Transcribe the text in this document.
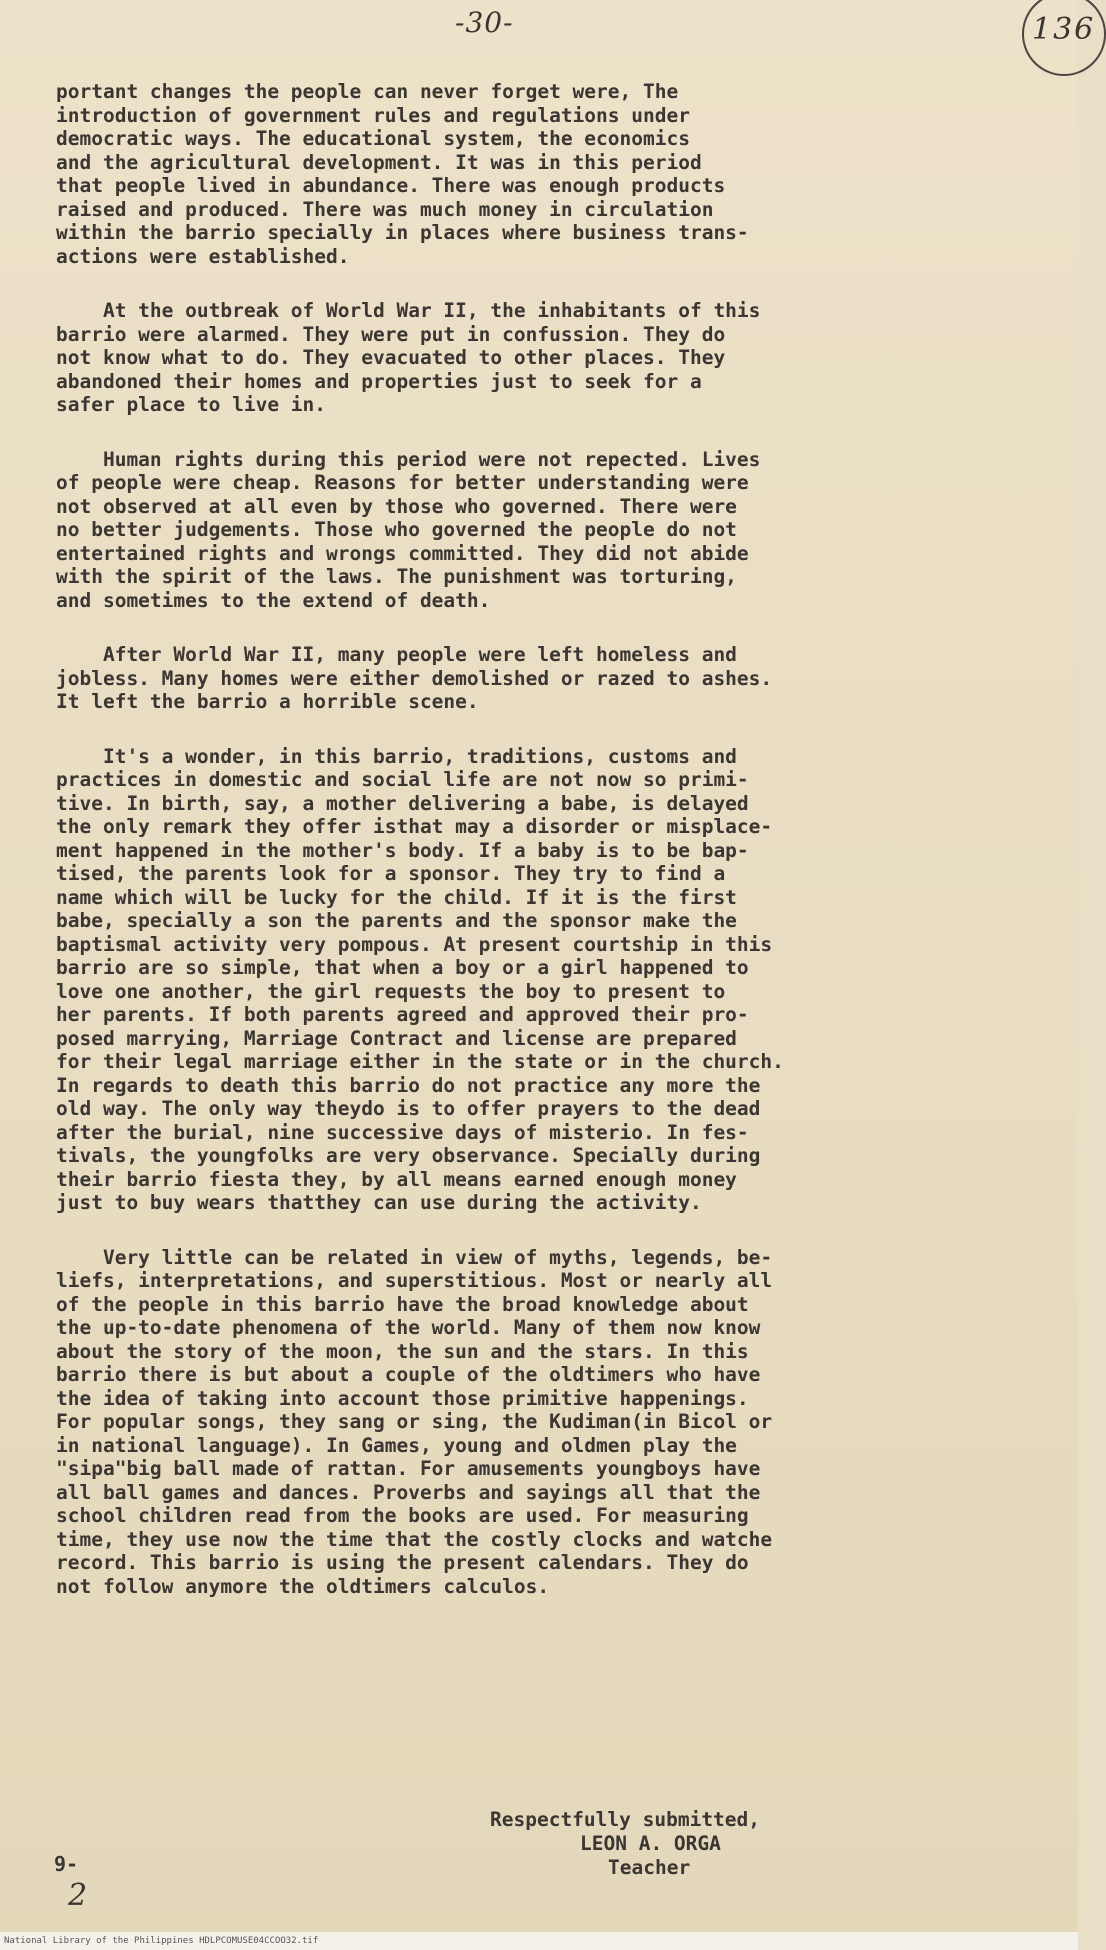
-30-	136
portant changes the people can never forget were, The
introduction of government rules and regulations under
democratic ways. The educational system, the economics
and the agricultural development. It was in this period
that people lived in abundance. There was enough products
raised and produced. There was much money in circulation
within the barrio specially in places where business trans-
actions were established.
At the outbreak of World War II, the inhabitants of this
barrio were alarmed. They were put in confussion. They do
not know what to do. They evacuated to other places. They
abandoned their homes and properties just to seek for a
safer place to live in.
Human rights during this period were not repected. Lives
of people were cheap. Reasons for better understanding were
not observed at all even by those who governed. There were
no better judgements. Those who governed the people do not
entertained rights and wrongs committed. They did not abide
with the spirit of the laws. The punishment was torturing,
and sometimes to the extend of death.
After World War II, many people were left homeless and
jobless. Many homes were either demolished or razed to ashes.
It left the barrio a horrible scene.
It's a wonder, in this barrio, traditions, customs and
practices in domestic and social life are not now so primi-
tive. In birth, say, a mother delivering a babe, is delayed
the only remark they offer isthat may a disorder or misplace-
ment happened in the mother's body. If a baby is to be bap-
tised, the parents look for a sponsor. They try to find a
name which will be lucky for the child. If it is the first
babe, specially a son the parents and the sponsor make the
baptismal activity very pompous. At present courtship in this
barrio are so simple, that when a boy or a girl happened to
love one another, the girl requests the boy to present to
her parents. If both parents agreed and approved their pro-
posed marrying, Marriage Contract and license are prepared
for their legal marriage either in the state or in the church.
In regards to death this barrio do not practice any more the
old way. The only way theydo is to offer prayers to the dead
after the burial, nine successive days of misterio. In fes-
tivals, the youngfolks are very observance. Specially during
their barrio fiesta they, by all means earned enough money
just to buy wears thatthey can use during the activity.
Very little can be related in view of myths, legends, be-
liefs, interpretations, and superstitious. Most or nearly all
of the people in this barrio have the broad knowledge about
the up-to-date phenomena of the world. Many of them now know
about the story of the moon, the sun and the stars. In this
barrio there is but about a couple of the oldtimers who have
the idea of taking into account those primitive happenings.
For popular songs, they sang or sing, the Kudiman(in Bicol or
in national language). In Games, young and oldmen play the
"sipa"big ball made of rattan. For amusements youngboys have
all ball games and dances. Proverbs and sayings all that the
school children read from the books are used. For measuring
time, they use now the time that the costly clocks and watche
record. This barrio is using the present calendars. They do
not follow anymore the oldtimers calculos.
Respectfully submitted,
LEON A. ORGA
Teacher
9-
2
National Library of the Philippines HDLPCOMUSE04CCOO32.tif
